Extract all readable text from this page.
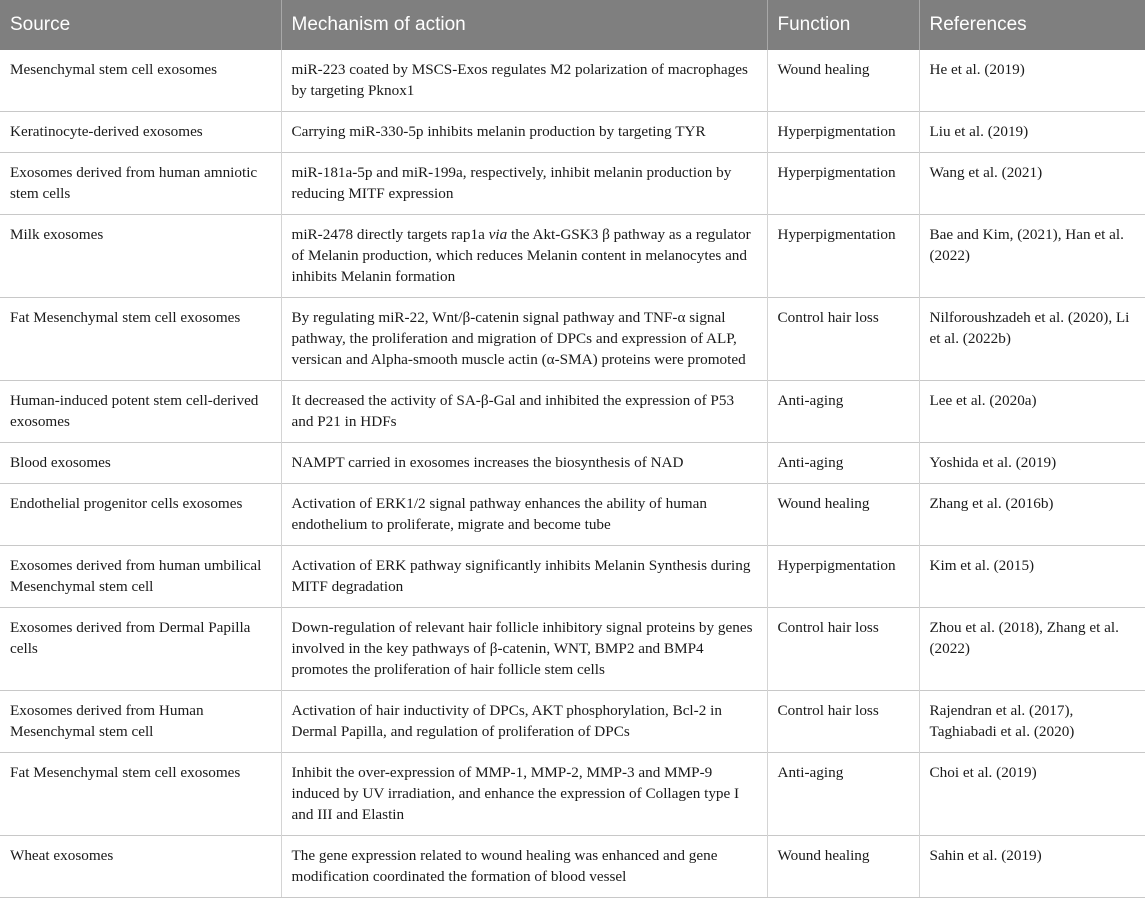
Source	Mechanism of action	Function	References
Mesenchymal stem cell exosomes	miR-223 coated by MSCS-Exos regulates M2 polarization of macrophages by targeting Pknox1	Wound healing	He et al. (2019)
Keratinocyte-derived exosomes	Carrying miR-330-5p inhibits melanin production by targeting TYR	Hyperpigmentation	Liu et al. (2019)
Exosomes derived from human amniotic stem cells	miR-181a-5p and miR-199a, respectively, inhibit melanin production by reducing MITF expression	Hyperpigmentation	Wang et al. (2021)
Milk exosomes	miR-2478 directly targets rap1a via the Akt-GSK3 β pathway as a regulator of Melanin production, which reduces Melanin content in melanocytes and inhibits Melanin formation	Hyperpigmentation	Bae and Kim, (2021), Han et al. (2022)
Fat Mesenchymal stem cell exosomes	By regulating miR-22, Wnt/β-catenin signal pathway and TNF-α signal pathway, the proliferation and migration of DPCs and expression of ALP, versican and Alpha-smooth muscle actin (α-SMA) proteins were promoted	Control hair loss	Nilforoushzadeh et al. (2020), Li et al. (2022b)
Human-induced potent stem cell-derived exosomes	It decreased the activity of SA-β-Gal and inhibited the expression of P53 and P21 in HDFs	Anti-aging	Lee et al. (2020a)
Blood exosomes	NAMPT carried in exosomes increases the biosynthesis of NAD	Anti-aging	Yoshida et al. (2019)
Endothelial progenitor cells exosomes	Activation of ERK1/2 signal pathway enhances the ability of human endothelium to proliferate, migrate and become tube	Wound healing	Zhang et al. (2016b)
Exosomes derived from human umbilical Mesenchymal stem cell	Activation of ERK pathway significantly inhibits Melanin Synthesis during MITF degradation	Hyperpigmentation	Kim et al. (2015)
Exosomes derived from Dermal Papilla cells	Down-regulation of relevant hair follicle inhibitory signal proteins by genes involved in the key pathways of β-catenin, WNT, BMP2 and BMP4 promotes the proliferation of hair follicle stem cells	Control hair loss	Zhou et al. (2018), Zhang et al. (2022)
Exosomes derived from Human Mesenchymal stem cell	Activation of hair inductivity of DPCs, AKT phosphorylation, Bcl-2 in Dermal Papilla, and regulation of proliferation of DPCs	Control hair loss	Rajendran et al. (2017), Taghiabadi et al. (2020)
Fat Mesenchymal stem cell exosomes	Inhibit the over-expression of MMP-1, MMP-2, MMP-3 and MMP-9 induced by UV irradiation, and enhance the expression of Collagen type I and III and Elastin	Anti-aging	Choi et al. (2019)
Wheat exosomes	The gene expression related to wound healing was enhanced and gene modification coordinated the formation of blood vessel	Wound healing	Sahin et al. (2019)
